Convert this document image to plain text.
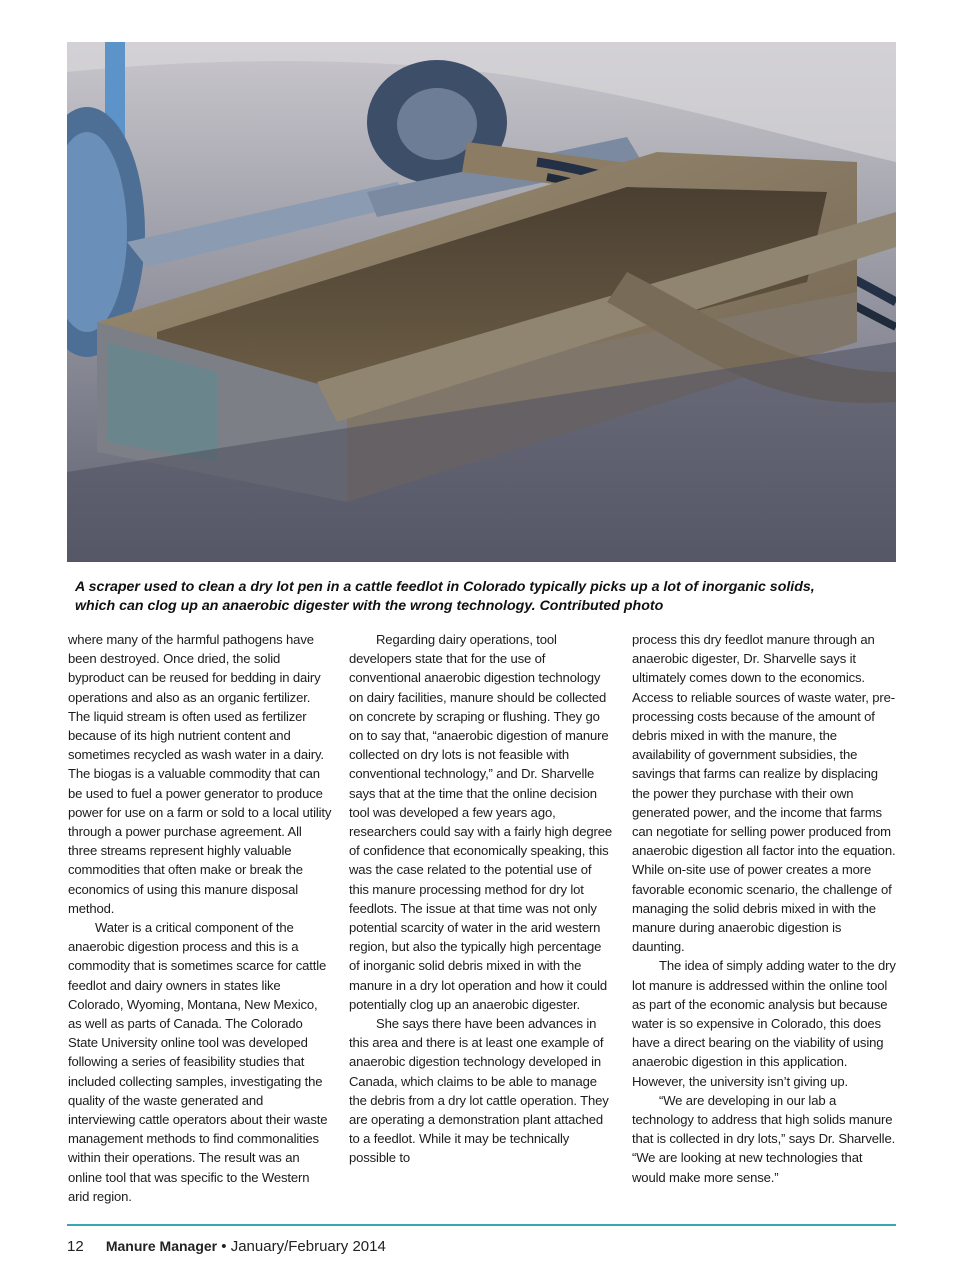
A scraper used to clean a dry lot pen in a cattle feedlot in Colorado typically picks up a lot of inorganic solids,
which can clog up an anaerobic digester with the wrong technology. Contributed photo

where many of the harmful pathogens have been destroyed. Once dried, the solid byproduct can be reused for bedding in dairy operations and also as an organic fertilizer. The liquid stream is often used as fertilizer because of its high nutrient content and sometimes recycled as wash water in a dairy. The biogas is a valuable commodity that can be used to fuel a power generator to produce power for use on a farm or sold to a local utility through a power purchase agreement. All three streams represent highly valuable commodities that often make or break the economics of using this manure disposal method.

Water is a critical component of the anaerobic digestion process and this is a commodity that is sometimes scarce for cattle feedlot and dairy owners in states like Colorado, Wyoming, Montana, New Mexico, as well as parts of Canada. The Colorado State University online tool was developed following a series of feasibility studies that included collecting samples, investigating the quality of the waste generated and interviewing cattle operators about their waste management methods to find commonalities within their operations. The result was an online tool that was specific to the Western arid region.

Regarding dairy operations, tool developers state that for the use of conventional anaerobic digestion technology on dairy facilities, manure should be collected on concrete by scraping or flushing. They go on to say that, “anaerobic digestion of manure collected on dry lots is not feasible with conventional technology,” and Dr. Sharvelle says that at the time that the online decision tool was developed a few years ago, researchers could say with a fairly high degree of confidence that economically speaking, this was the case related to the potential use of this manure processing method for dry lot feedlots. The issue at that time was not only potential scarcity of water in the arid western region, but also the typically high percentage of inorganic solid debris mixed in with the manure in a dry lot operation and how it could potentially clog up an anaerobic digester.

She says there have been advances in this area and there is at least one example of anaerobic digestion technology developed in Canada, which claims to be able to manage the debris from a dry lot cattle operation. They are operating a demonstration plant attached to a feedlot. While it may be technically possible to

process this dry feedlot manure through an anaerobic digester, Dr. Sharvelle says it ultimately comes down to the economics. Access to reliable sources of waste water, pre-processing costs because of the amount of debris mixed in with the manure, the availability of government subsidies, the savings that farms can realize by displacing the power they purchase with their own generated power, and the income that farms can negotiate for selling power produced from anaerobic digestion all factor into the equation. While on-site use of power creates a more favorable economic scenario, the challenge of managing the solid debris mixed in with the manure during anaerobic digestion is daunting.

The idea of simply adding water to the dry lot manure is addressed within the online tool as part of the economic analysis but because water is so expensive in Colorado, this does have a direct bearing on the viability of using anaerobic digestion in this application. However, the university isn’t giving up.

“We are developing in our lab a technology to address that high solids manure that is collected in dry lots,” says Dr. Sharvelle. “We are looking at new technologies that would make more sense.”

12 Manure Manager • January/February 2014
